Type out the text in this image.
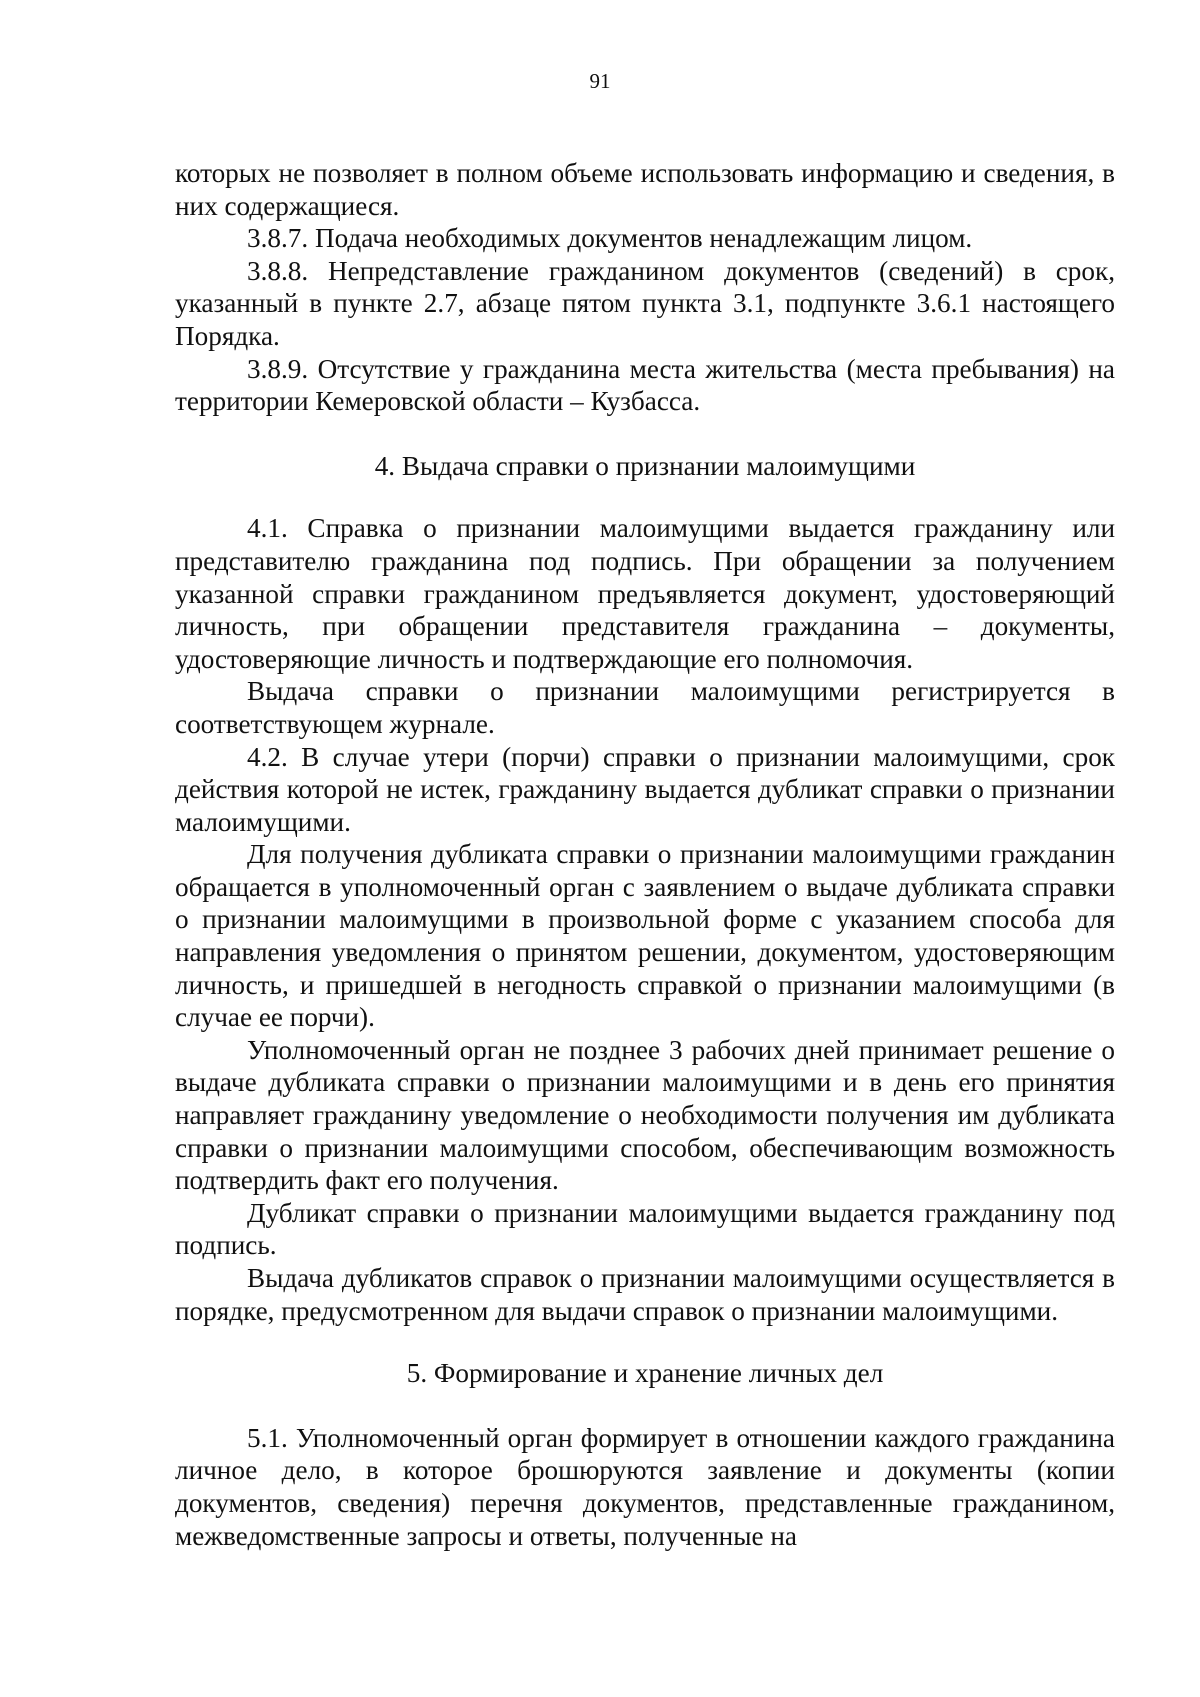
91

которых не позволяет в полном объеме использовать информацию и сведения, в них содержащиеся.

3.8.7. Подача необходимых документов ненадлежащим лицом.

3.8.8. Непредставление гражданином документов (сведений) в срок, указанный в пункте 2.7, абзаце пятом пункта 3.1, подпункте 3.6.1 настоящего Порядка.

3.8.9. Отсутствие у гражданина места жительства (места пребывания) на территории Кемеровской области – Кузбасса.

4. Выдача справки о признании малоимущими

4.1. Справка о признании малоимущими выдается гражданину или представителю гражданина под подпись. При обращении за получением указанной справки гражданином предъявляется документ, удостоверяющий личность, при обращении представителя гражданина – документы, удостоверяющие личность и подтверждающие его полномочия.

Выдача справки о признании малоимущими регистрируется в соответствующем журнале.

4.2. В случае утери (порчи) справки о признании малоимущими, срок действия которой не истек, гражданину выдается дубликат справки о признании малоимущими.

Для получения дубликата справки о признании малоимущими гражданин обращается в уполномоченный орган с заявлением о выдаче дубликата справки о признании малоимущими в произвольной форме с указанием способа для направления уведомления о принятом решении, документом, удостоверяющим личность, и пришедшей в негодность справкой о признании малоимущими (в случае ее порчи).

Уполномоченный орган не позднее 3 рабочих дней принимает решение о выдаче дубликата справки о признании малоимущими и в день его принятия направляет гражданину уведомление о необходимости получения им дубликата справки о признании малоимущими способом, обеспечивающим возможность подтвердить факт его получения.

Дубликат справки о признании малоимущими выдается гражданину под подпись.

Выдача дубликатов справок о признании малоимущими осуществляется в порядке, предусмотренном для выдачи справок о признании малоимущими.

5. Формирование и хранение личных дел

5.1. Уполномоченный орган формирует в отношении каждого гражданина личное дело, в которое брошюруются заявление и документы (копии документов, сведения) перечня документов, представленные гражданином, межведомственные запросы и ответы, полученные на
